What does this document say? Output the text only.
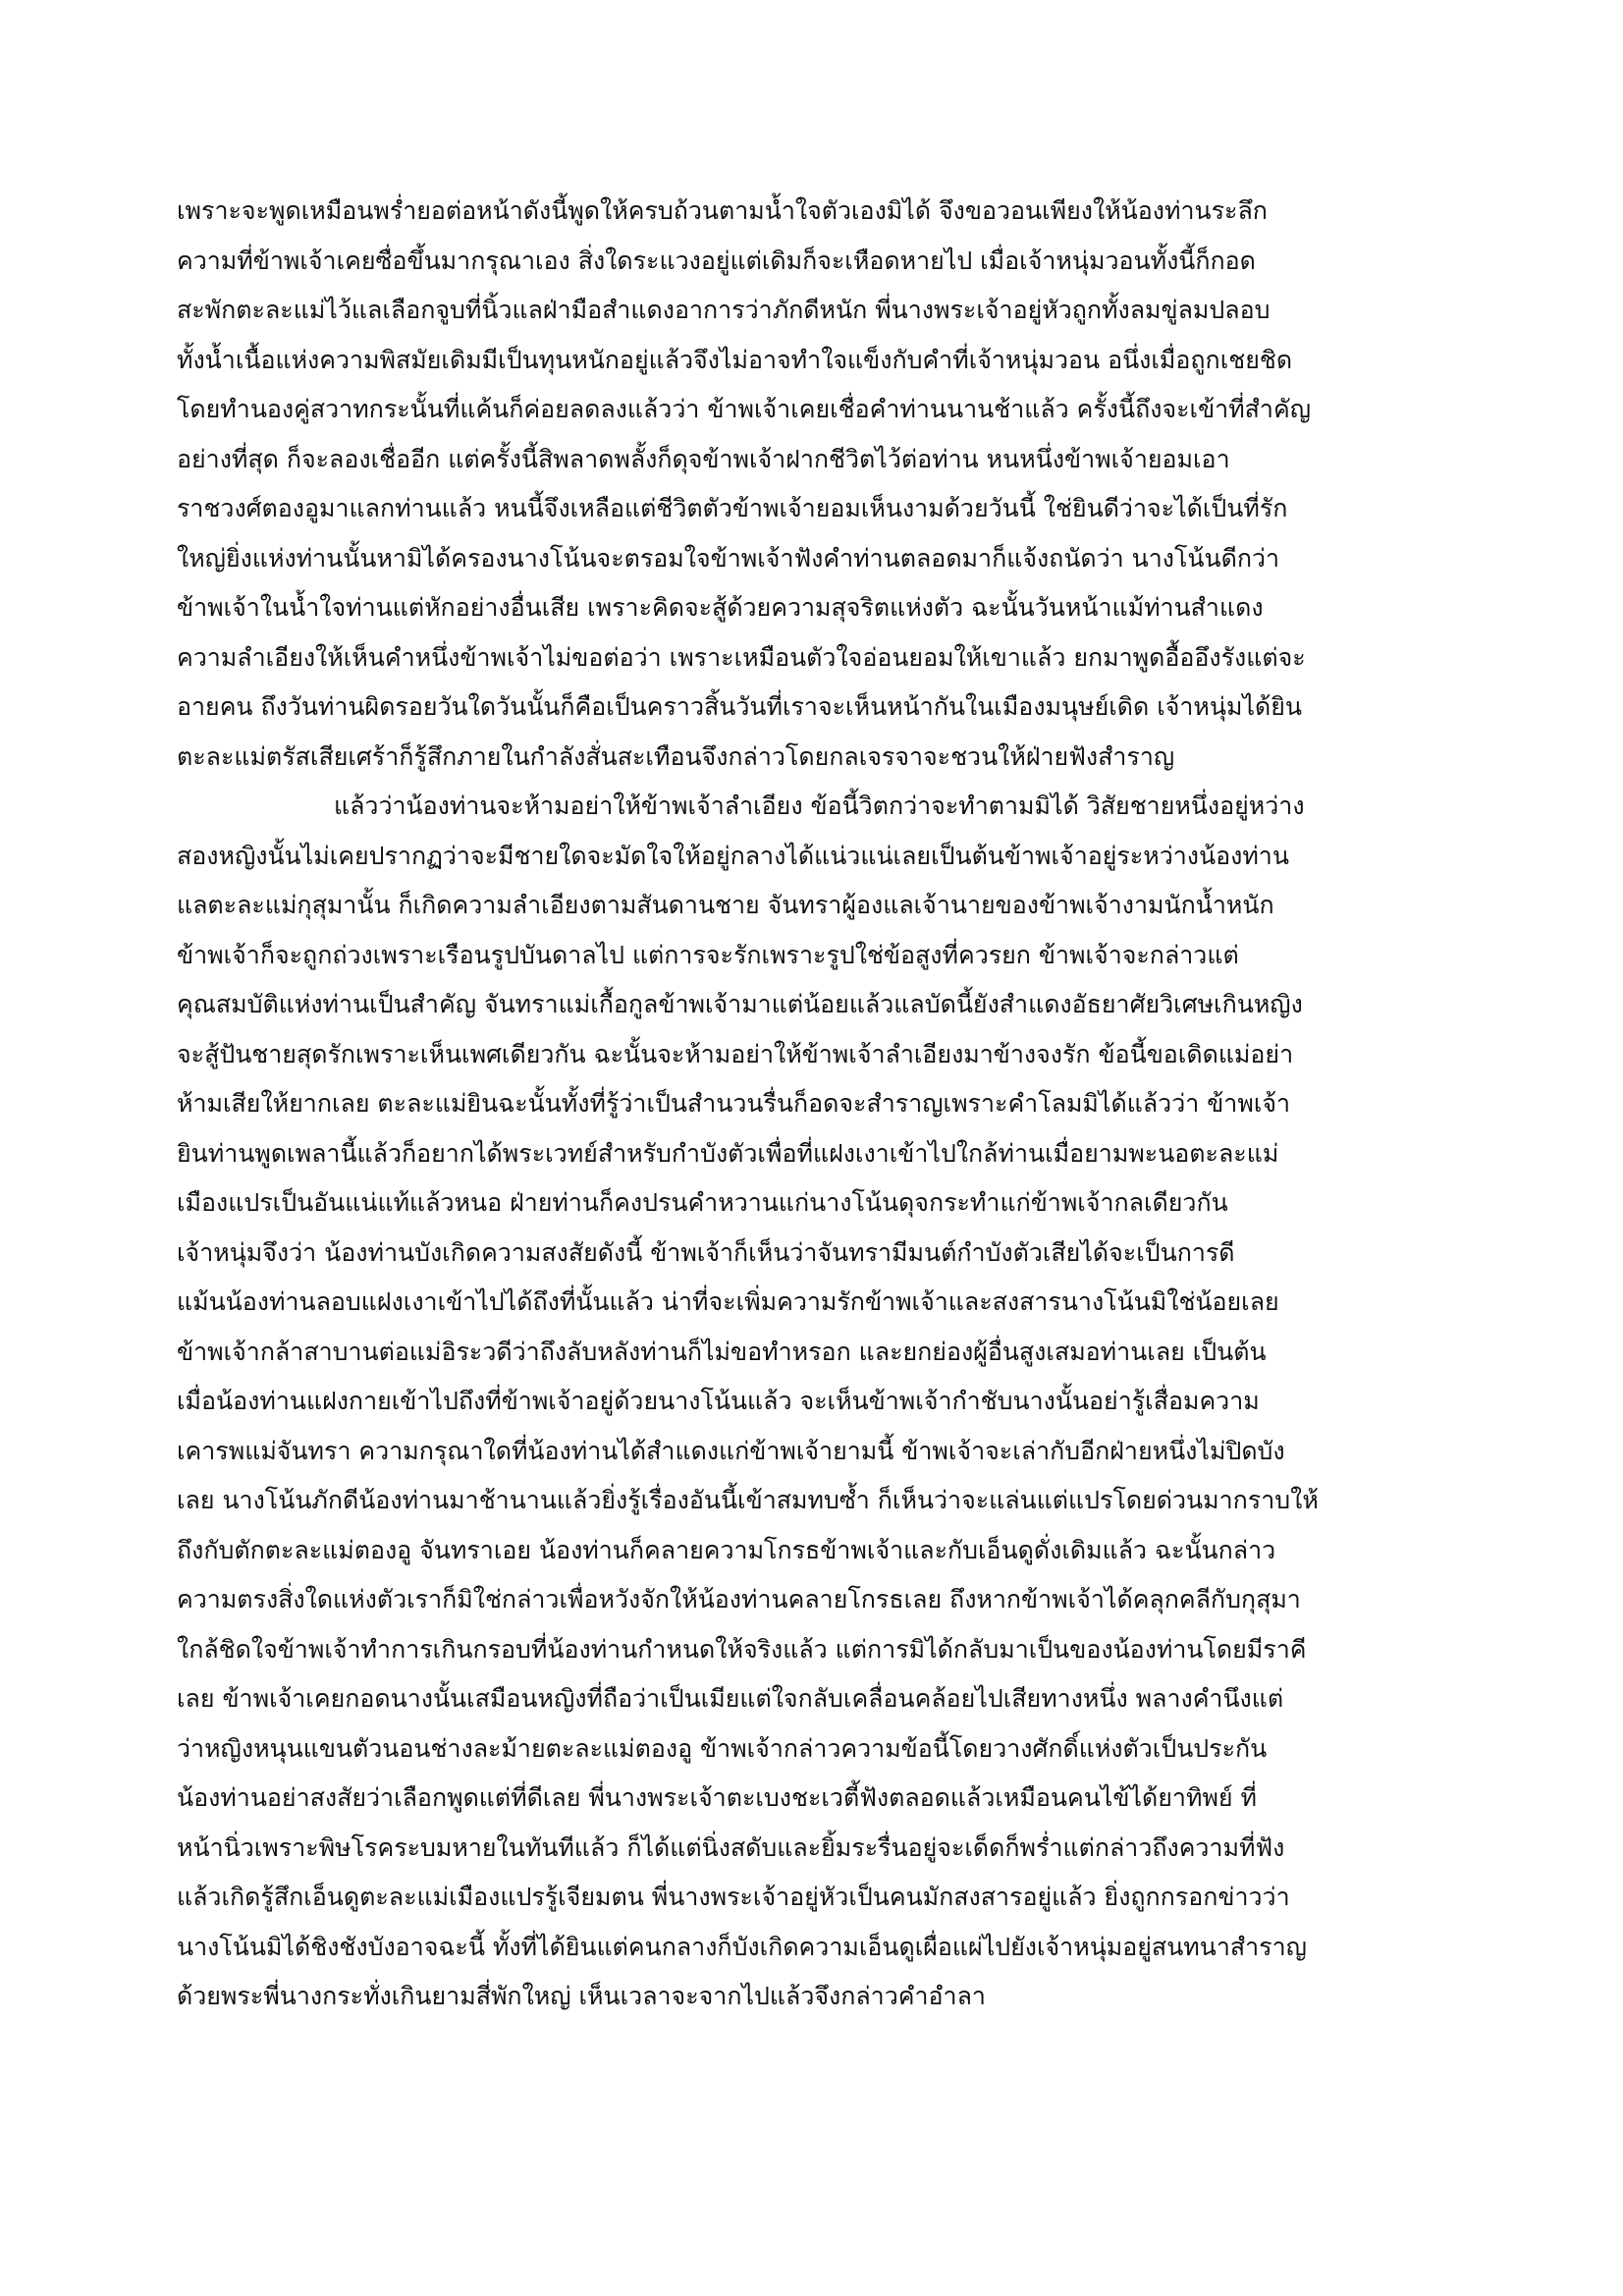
เพราะจะพูดเหมือนพร่ำยอต่อหน้าดังนี้พูดให้ครบถ้วนตามน้ำใจตัวเองมิได้ จึงขอวอนเพียงให้น้องท่านระลึก
ความที่ข้าพเจ้าเคยซื่อขึ้นมากรุณาเอง สิ่งใดระแวงอยู่แต่เดิมก็จะเหือดหายไป เมื่อเจ้าหนุ่มวอนทั้งนี้ก็กอด
สะพักตะละแม่ไว้แลเลือกจูบที่นิ้วแลฝ่ามือสำแดงอาการว่าภักดีหนัก พี่นางพระเจ้าอยู่หัวถูกทั้งลมขู่ลมปลอบ
ทั้งน้ำเนื้อแห่งความพิสมัยเดิมมีเป็นทุนหนักอยู่แล้วจึงไม่อาจทำใจแข็งกับคำที่เจ้าหนุ่มวอน อนึ่งเมื่อถูกเชยชิด
โดยทำนองคู่สวาทกระนั้นที่แค้นก็ค่อยลดลงแล้วว่า ข้าพเจ้าเคยเชื่อคำท่านนานช้าแล้ว ครั้งนี้ถึงจะเข้าที่สำคัญ
อย่างที่สุด ก็จะลองเชื่ออีก แต่ครั้งนี้สิพลาดพลั้งก็ดุจข้าพเจ้าฝากชีวิตไว้ต่อท่าน หนหนึ่งข้าพเจ้ายอมเอา
ราชวงศ์ตองอูมาแลกท่านแล้ว หนนี้จึงเหลือแต่ชีวิตตัวข้าพเจ้ายอมเห็นงามด้วยวันนี้ ใช่ยินดีว่าจะได้เป็นที่รัก
ใหญ่ยิ่งแห่งท่านนั้นหามิได้ครองนางโน้นจะตรอมใจข้าพเจ้าฟังคำท่านตลอดมาก็แจ้งถนัดว่า นางโน้นดีกว่า
ข้าพเจ้าในน้ำใจท่านแต่หักอย่างอื่นเสีย เพราะคิดจะสู้ด้วยความสุจริตแห่งตัว ฉะนั้นวันหน้าแม้ท่านสำแดง
ความลำเอียงให้เห็นคำหนึ่งข้าพเจ้าไม่ขอต่อว่า เพราะเหมือนตัวใจอ่อนยอมให้เขาแล้ว ยกมาพูดอื้ออึงรังแต่จะ
อายคน ถึงวันท่านผิดรอยวันใดวันนั้นก็คือเป็นคราวสิ้นวันที่เราจะเห็นหน้ากันในเมืองมนุษย์เดิด เจ้าหนุ่มได้ยิน
ตะละแม่ตรัสเสียเศร้าก็รู้สึกภายในกำลังสั่นสะเทือนจึงกล่าวโดยกลเจรจาจะชวนให้ฝ่ายฟังสำราญ
แล้วว่าน้องท่านจะห้ามอย่าให้ข้าพเจ้าลำเอียง ข้อนี้วิตกว่าจะทำตามมิได้ วิสัยชายหนึ่งอยู่หว่าง
สองหญิงนั้นไม่เคยปรากฏว่าจะมีชายใดจะมัดใจให้อยู่กลางได้แน่วแน่เลยเป็นต้นข้าพเจ้าอยู่ระหว่างน้องท่าน
แลตะละแม่กุสุมานั้น ก็เกิดความลำเอียงตามสันดานชาย จันทราผู้องแลเจ้านายของข้าพเจ้างามนักน้ำหนัก
ข้าพเจ้าก็จะถูกถ่วงเพราะเรือนรูปบันดาลไป แต่การจะรักเพราะรูปใช่ข้อสูงที่ควรยก ข้าพเจ้าจะกล่าวแต่
คุณสมบัติแห่งท่านเป็นสำคัญ จันทราแม่เกื้อกูลข้าพเจ้ามาแต่น้อยแล้วแลบัดนี้ยังสำแดงอัธยาศัยวิเศษเกินหญิง
จะสู้ปันชายสุดรักเพราะเห็นเพศเดียวกัน ฉะนั้นจะห้ามอย่าให้ข้าพเจ้าลำเอียงมาข้างจงรัก ข้อนี้ขอเดิดแม่อย่า
ห้ามเสียให้ยากเลย ตะละแม่ยินฉะนั้นทั้งที่รู้ว่าเป็นสำนวนรื่นก็อดจะสำราญเพราะคำโลมมิได้แล้วว่า ข้าพเจ้า
ยินท่านพูดเพลานี้แล้วก็อยากได้พระเวทย์สำหรับกำบังตัวเพื่อที่แฝงเงาเข้าไปใกล้ท่านเมื่อยามพะนอตะละแม่
เมืองแปรเป็นอันแน่แท้แล้วหนอ ฝ่ายท่านก็คงปรนคำหวานแก่นางโน้นดุจกระทำแก่ข้าพเจ้ากลเดียวกัน
เจ้าหนุ่มจึงว่า น้องท่านบังเกิดความสงสัยดังนี้ ข้าพเจ้าก็เห็นว่าจันทรามีมนต์กำบังตัวเสียได้จะเป็นการดี
แม้นน้องท่านลอบแฝงเงาเข้าไปได้ถึงที่นั้นแล้ว น่าที่จะเพิ่มความรักข้าพเจ้าและสงสารนางโน้นมิใช่น้อยเลย
ข้าพเจ้ากล้าสาบานต่อแม่อิระวดีว่าถึงลับหลังท่านก็ไม่ขอทำหรอก และยกย่องผู้อื่นสูงเสมอท่านเลย เป็นต้น
เมื่อน้องท่านแฝงกายเข้าไปถึงที่ข้าพเจ้าอยู่ด้วยนางโน้นแล้ว จะเห็นข้าพเจ้ากำชับนางนั้นอย่ารู้เสื่อมความ
เคารพแม่จันทรา ความกรุณาใดที่น้องท่านได้สำแดงแก่ข้าพเจ้ายามนี้ ข้าพเจ้าจะเล่ากับอีกฝ่ายหนึ่งไม่ปิดบัง
เลย นางโน้นภักดีน้องท่านมาช้านานแล้วยิ่งรู้เรื่องอันนี้เข้าสมทบซ้ำ ก็เห็นว่าจะแล่นแต่แปรโดยด่วนมากราบให้
ถึงกับตักตะละแม่ตองอู จันทราเอย น้องท่านก็คลายความโกรธข้าพเจ้าและกับเอ็นดูดั่งเดิมแล้ว ฉะนั้นกล่าว
ความตรงสิ่งใดแห่งตัวเราก็มิใช่กล่าวเพื่อหวังจักให้น้องท่านคลายโกรธเลย ถึงหากข้าพเจ้าได้คลุกคลีกับกุสุมา
ใกล้ชิดใจข้าพเจ้าทำการเกินกรอบที่น้องท่านกำหนดให้จริงแล้ว แต่การมิได้กลับมาเป็นของน้องท่านโดยมีราคี
เลย ข้าพเจ้าเคยกอดนางนั้นเสมือนหญิงที่ถือว่าเป็นเมียแต่ใจกลับเคลื่อนคล้อยไปเสียทางหนึ่ง พลางคำนึงแต่
ว่าหญิงหนุนแขนตัวนอนช่างละม้ายตะละแม่ตองอู ข้าพเจ้ากล่าวความข้อนี้โดยวางศักดิ์แห่งตัวเป็นประกัน
น้องท่านอย่าสงสัยว่าเลือกพูดแต่ที่ดีเลย พี่นางพระเจ้าตะเบงชะเวตี้ฟังตลอดแล้วเหมือนคนไข้ได้ยาทิพย์ ที่
หน้านิ่วเพราะพิษโรคระบมหายในทันทีแล้ว ก็ได้แต่นิ่งสดับและยิ้มระรื่นอยู่จะเด็ดก็พร่ำแต่กล่าวถึงความที่ฟัง
แล้วเกิดรู้สึกเอ็นดูตะละแม่เมืองแปรรู้เจียมตน พี่นางพระเจ้าอยู่หัวเป็นคนมักสงสารอยู่แล้ว ยิ่งถูกกรอกข่าวว่า
นางโน้นมิได้ชิงชังบังอาจฉะนี้ ทั้งที่ได้ยินแต่คนกลางก็บังเกิดความเอ็นดูเผื่อแผ่ไปยังเจ้าหนุ่มอยู่สนทนาสำราญ
ด้วยพระพี่นางกระทั่งเกินยามสี่พักใหญ่ เห็นเวลาจะจากไปแล้วจึงกล่าวคำอำลา
